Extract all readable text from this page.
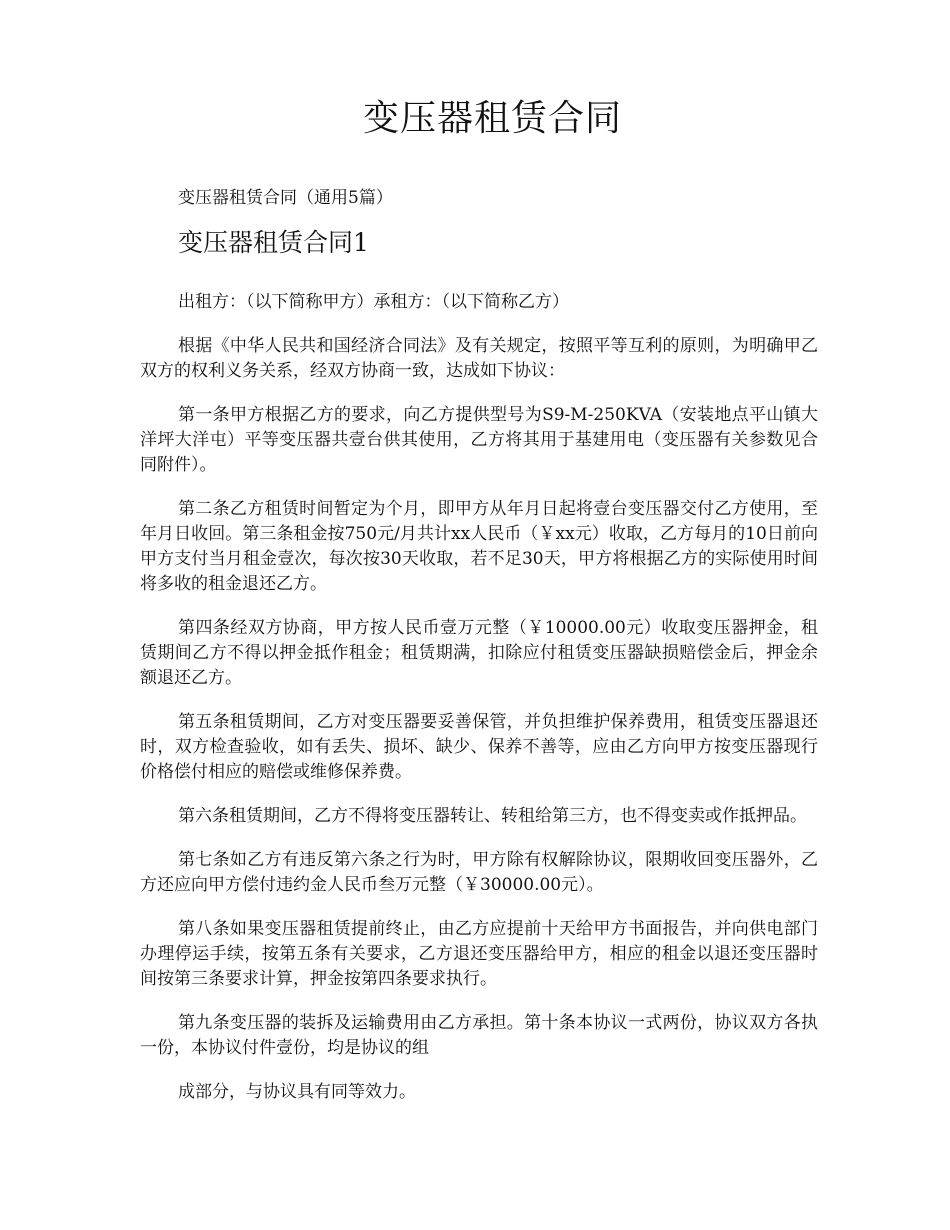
变压器租赁合同
变压器租赁合同（通用5篇）
变压器租赁合同1

出租方：（以下简称甲方）承租方：（以下简称乙方）

根据《中华人民共和国经济合同法》及有关规定，按照平等互利的原则，为明确甲乙双方的权利义务关系，经双方协商一致，达成如下协议：

第一条甲方根据乙方的要求，向乙方提供型号为S9-M-250KVA（安装地点平山镇大洋坪大洋屯）平等变压器共壹台供其使用，乙方将其用于基建用电（变压器有关参数见合同附件）。

第二条乙方租赁时间暂定为个月，即甲方从年月日起将壹台变压器交付乙方使用，至年月日收回。第三条租金按750元/月共计xx人民币（￥xx元）收取，乙方每月的10日前向甲方支付当月租金壹次，每次按30天收取，若不足30天，甲方将根据乙方的实际使用时间将多收的租金退还乙方。

第四条经双方协商，甲方按人民币壹万元整（￥10000.00元）收取变压器押金，租赁期间乙方不得以押金抵作租金；租赁期满，扣除应付租赁变压器缺损赔偿金后，押金余额退还乙方。

第五条租赁期间，乙方对变压器要妥善保管，并负担维护保养费用，租赁变压器退还时，双方检查验收，如有丢失、损坏、缺少、保养不善等，应由乙方向甲方按变压器现行价格偿付相应的赔偿或维修保养费。

第六条租赁期间，乙方不得将变压器转让、转租给第三方，也不得变卖或作抵押品。

第七条如乙方有违反第六条之行为时，甲方除有权解除协议，限期收回变压器外，乙方还应向甲方偿付违约金人民币叁万元整（￥30000.00元）。

第八条如果变压器租赁提前终止，由乙方应提前十天给甲方书面报告，并向供电部门办理停运手续，按第五条有关要求，乙方退还变压器给甲方，相应的租金以退还变压器时间按第三条要求计算，押金按第四条要求执行。

第九条变压器的装拆及运输费用由乙方承担。第十条本协议一式两份，协议双方各执一份，本协议付件壹份，均是协议的组

成部分，与协议具有同等效力。
